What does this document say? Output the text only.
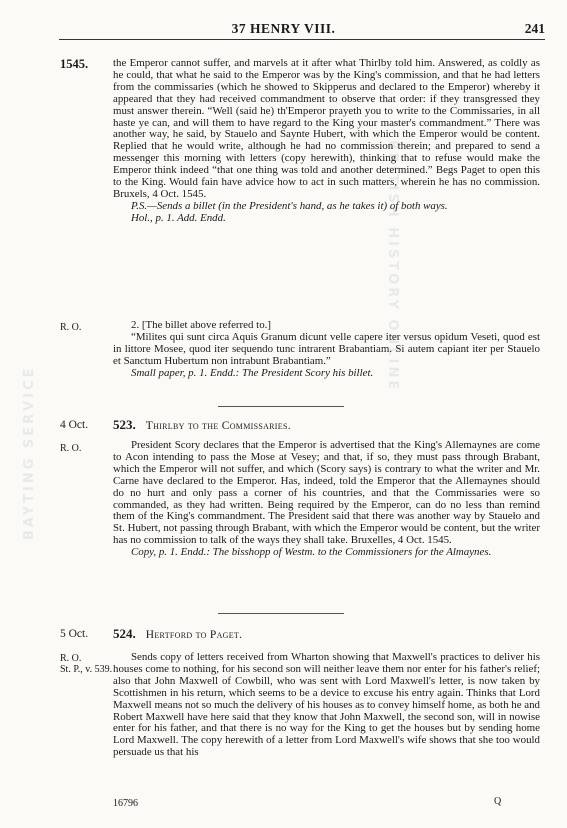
BAYTING SERVICE
BRITISH HISTORY ONLINE
37 HENRY VIII.	241
1545. the Emperor cannot suffer, and marvels at it after what Thirlby told him. Answered, as coldly as he could, that what he said to the Emperor was by the King's commission, and that he had letters from the commissaries (which he showed to Skipperus and declared to the Emperor) whereby it appeared that they had received commandment to observe that order: if they transgressed they must answer therein. “Well (said he) th'Emperor prayeth you to write to the Commissaries, in all haste ye can, and will them to have regard to the King your master's commandment.” There was another way, he said, by Stauelo and Saynte Hubert, with which the Emperor would be content. Replied that he would write, although he had no commission therein; and prepared to send a messenger this morning with letters (copy herewith), thinking that to refuse would make the Emperor think indeed “that one thing was told and another determined.” Begs Paget to open this to the King. Would fain have advice how to act in such matters, wherein he has no commission. Bruxels, 4 Oct. 1545.

P.S.—Sends a billet (in the President's hand, as he takes it) of both ways.

Hol., p. 1. Add. Endd.

R. O.	2. [The billet above referred to.]

“Milites qui sunt circa Aquis Granum dicunt velle capere iter versus opidum Veseti, quod est in littore Mosee, quod iter sequendo tunc intrarent Brabantiam. Si autem capiant iter per Stauelo et Sanctum Hubertum non intrabunt Brabantiam.”

Small paper, p. 1. Endd.: The President Scory his billet.

4 Oct.	523. Thirlby to the Commissaries.
R. O.	President Scory declares that the Emperor is advertised that the King's Allemaynes are come to Acon intending to pass the Mose at Vesey; and that, if so, they must pass through Brabant, which the Emperor will not suffer, and which (Scory says) is contrary to what the writer and Mr. Carne have declared to the Emperor. Has, indeed, told the Emperor that the Allemaynes should do no hurt and only pass a corner of his countries, and that the Commissaries were so commanded, as they had written. Being required by the Emperor, can do no less than remind them of the King's commandment. The President said that there was another way by Staueło and St. Hubert, not passing through Brabant, with which the Emperor would be content, but the writer has no commission to talk of the ways they shall take. Bruxelles, 4 Oct. 1545.

Copy, p. 1. Endd.: The bisshopp of Westm. to the Commissioners for the Almaynes.

5 Oct.	524. Hertford to Paget.
R. O.
St. P., v. 539.

Sends copy of letters received from Wharton showing that Maxwell's practices to deliver his houses come to nothing, for his second son will neither leave them nor enter for his father's relief; also that John Maxwell of Cowbill, who was sent with Lord Maxwell's letter, is now taken by Scottishmen in his return, which seems to be a device to excuse his entry again. Thinks that Lord Maxwell means not so much the delivery of his houses as to convey himself home, as both he and Robert Maxwell have here said that they know that John Maxwell, the second son, will in nowise enter for his father, and that there is no way for the King to get the houses but by sending home Lord Maxwell. The copy herewith of a letter from Lord Maxwell's wife shows that she too would persuade us that his

16796	Q
